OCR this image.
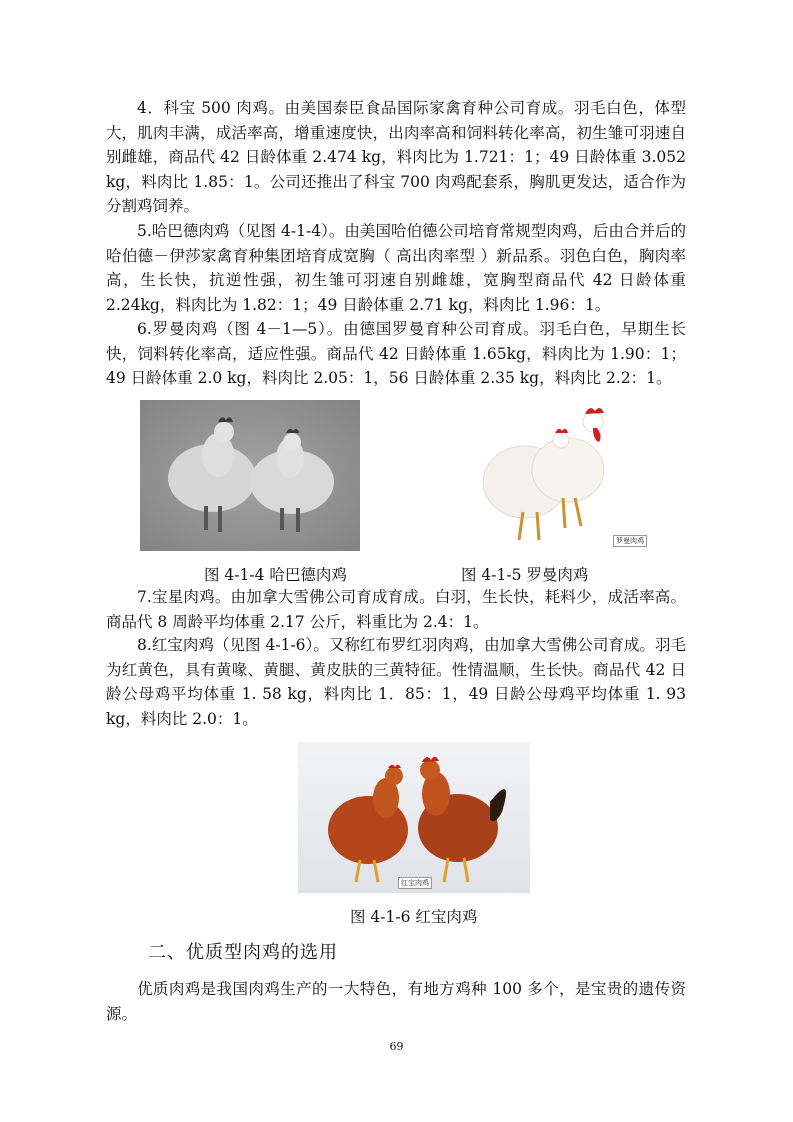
4．科宝 500 肉鸡。由美国泰臣食品国际家禽育种公司育成。羽毛白色，体型大，肌肉丰满，成活率高，增重速度快，出肉率高和饲料转化率高，初生雏可羽速自别雌雄，商品代 42 日龄体重 2.474 kg，料肉比为 1.721：1；49 日龄体重 3.052 kg，料肉比 1.85：1。公司还推出了科宝 700 肉鸡配套系，胸肌更发达，适合作为分割鸡饲养。

5.哈巴德肉鸡（见图 4-1-4）。由美国哈伯德公司培育常规型肉鸡，后由合并后的哈伯德－伊莎家禽育种集团培育成宽胸（ 高出肉率型 ）新品系。羽色白色，胸肉率高，生长快，抗逆性强，初生雏可羽速自别雌雄，宽胸型商品代 42 日龄体重 2.24kg，料肉比为 1.82：1；49 日龄体重 2.71 kg，料肉比 1.96：1。

6.罗曼肉鸡（图 4－1—5）。由德国罗曼育种公司育成。羽毛白色，早期生长快，饲料转化率高，适应性强。商品代 42 日龄体重 1.65kg，料肉比为 1.90：1；49 日龄体重 2.0 kg，料肉比 2.05：1，56 日龄体重 2.35 kg，料肉比 2.2：1。

罗曼肉鸡
图 4-1-4 哈巴德肉鸡	图 4-1-5 罗曼肉鸡

7.宝星肉鸡。由加拿大雪佛公司育成育成。白羽，生长快，耗料少，成活率高。商品代 8 周龄平均体重 2.17 公斤，料重比为 2.4：1。

8.红宝肉鸡（见图 4-1-6）。又称红布罗红羽肉鸡，由加拿大雪佛公司育成。羽毛为红黄色，具有黄喙、黄腿、黄皮肤的三黄特征。性情温顺，生长快。商品代 42 日龄公母鸡平均体重 1. 58 kg，料肉比 1．85：1，49 日龄公母鸡平均体重 1. 93 kg，料肉比 2.0：1。

红宝肉鸡
图 4-1-6 红宝肉鸡
二、优质型肉鸡的选用

优质肉鸡是我国肉鸡生产的一大特色，有地方鸡种 100 多个，是宝贵的遗传资源。

69
